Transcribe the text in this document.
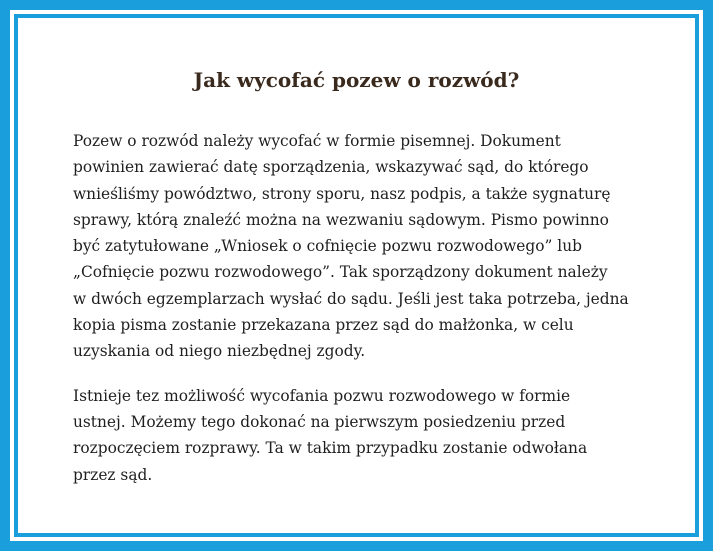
Jak wycofać pozew o rozwód?

Pozew o rozwód należy wycofać w formie pisemnej. Dokument
powinien zawierać datę sporządzenia, wskazywać sąd, do którego
wnieśliśmy powództwo, strony sporu, nasz podpis, a także sygnaturę
sprawy, którą znaleźć można na wezwaniu sądowym. Pismo powinno
być zatytułowane „Wniosek o cofnięcie pozwu rozwodowego” lub
„Cofnięcie pozwu rozwodowego”. Tak sporządzony dokument należy
w dwóch egzemplarzach wysłać do sądu. Jeśli jest taka potrzeba, jedna
kopia pisma zostanie przekazana przez sąd do małżonka, w celu
uzyskania od niego niezbędnej zgody.

Istnieje tez możliwość wycofania pozwu rozwodowego w formie
ustnej. Możemy tego dokonać na pierwszym posiedzeniu przed
rozpoczęciem rozprawy. Ta w takim przypadku zostanie odwołana
przez sąd.
